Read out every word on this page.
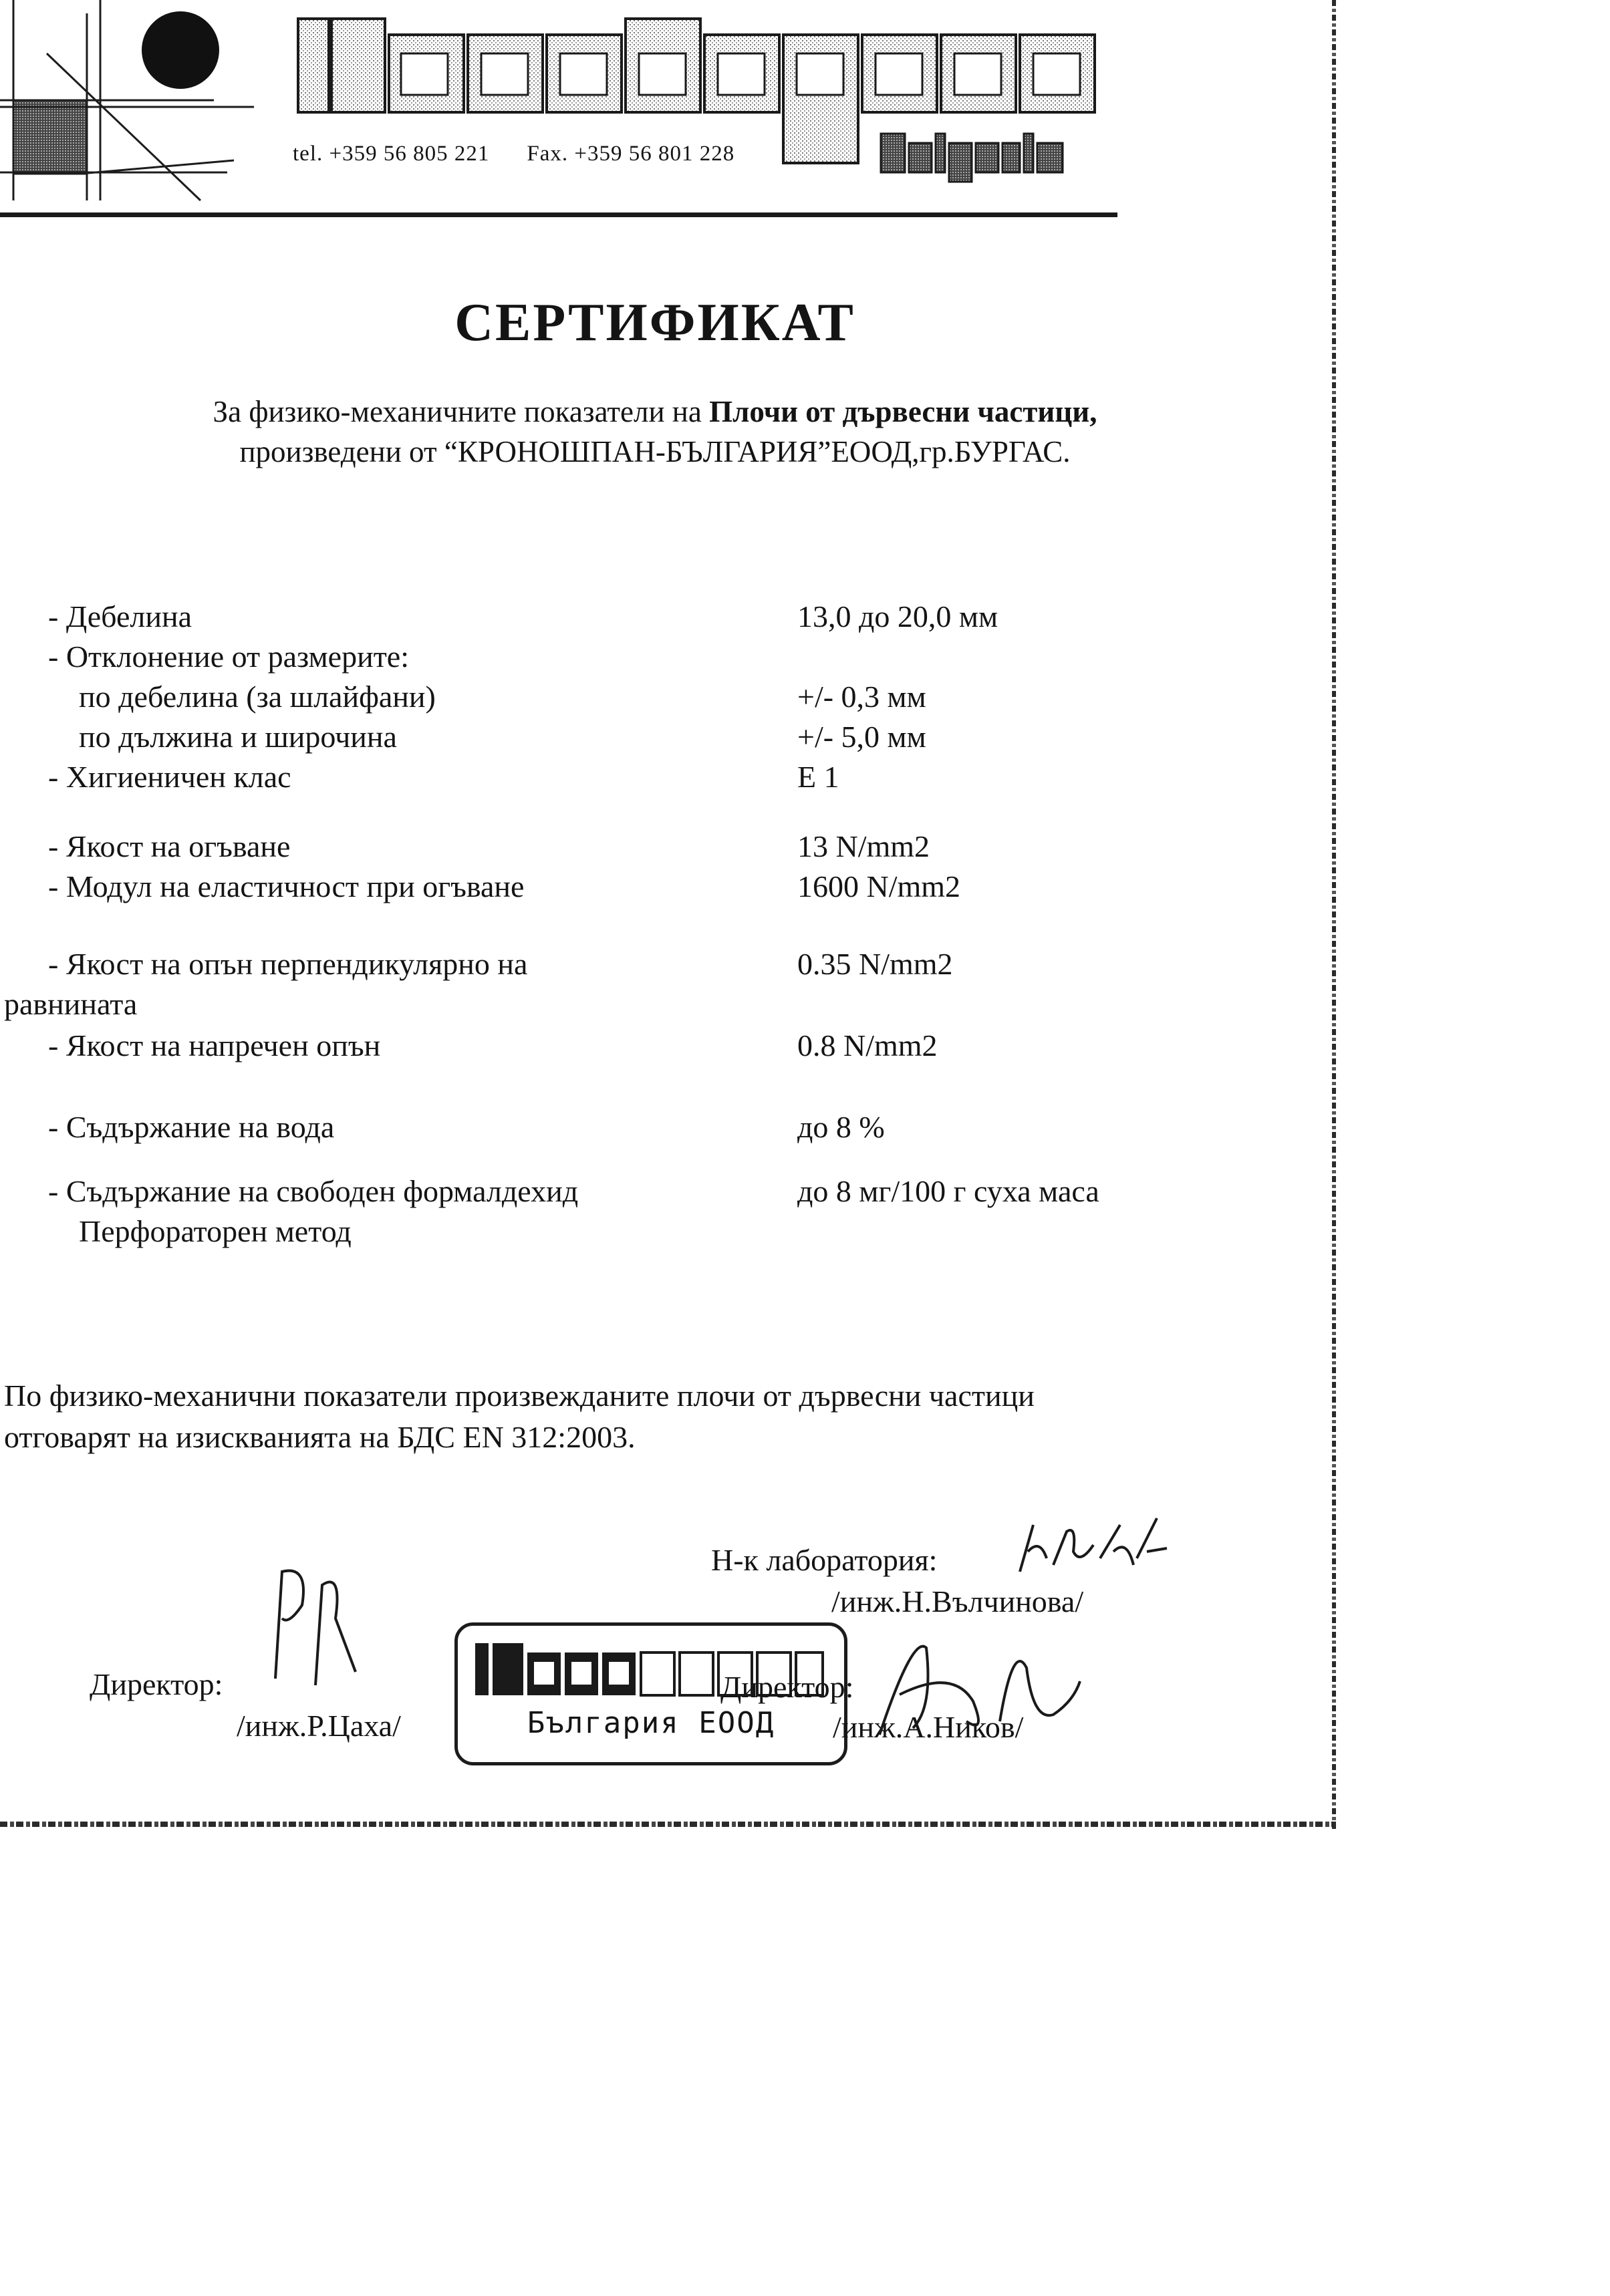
tel. +359 56 805 221 Fax. +359 56 801 228
СЕРТИФИКАТ
За физико-механичните показатели на Плочи от дървесни частици,
произведени от “КРОНОШПАН-БЪЛГАРИЯ”ЕООД,гр.БУРГАС.
- Дебелина	13,0 до 20,0 мм
- Отклонение от размерите:
по дебелина (за шлайфани)	+/- 0,3 мм
по дължина и широчина	+/- 5,0 мм
- Хигиеничен клас	Е 1
- Якост на огъване	13 N/mm2
- Модул на еластичност при огъване	1600 N/mm2
- Якост на опън перпендикулярно на	0.35 N/mm2
равнината
- Якост на напречен опън	0.8 N/mm2
- Съдържание на вода	до 8 %
- Съдържание на свободен формалдехид	до 8 мг/100 г суха маса
Перфораторен метод
По физико-механични показатели произвежданите плочи от дървесни частици
отговарят на изискванията на БДС EN 312:2003.
Н-к лаборатория:
/инж.Н.Вълчинова/
Директор:
/инж.Р.Цаха/	България ЕООД
Директор:
/инж.А.Ников/
